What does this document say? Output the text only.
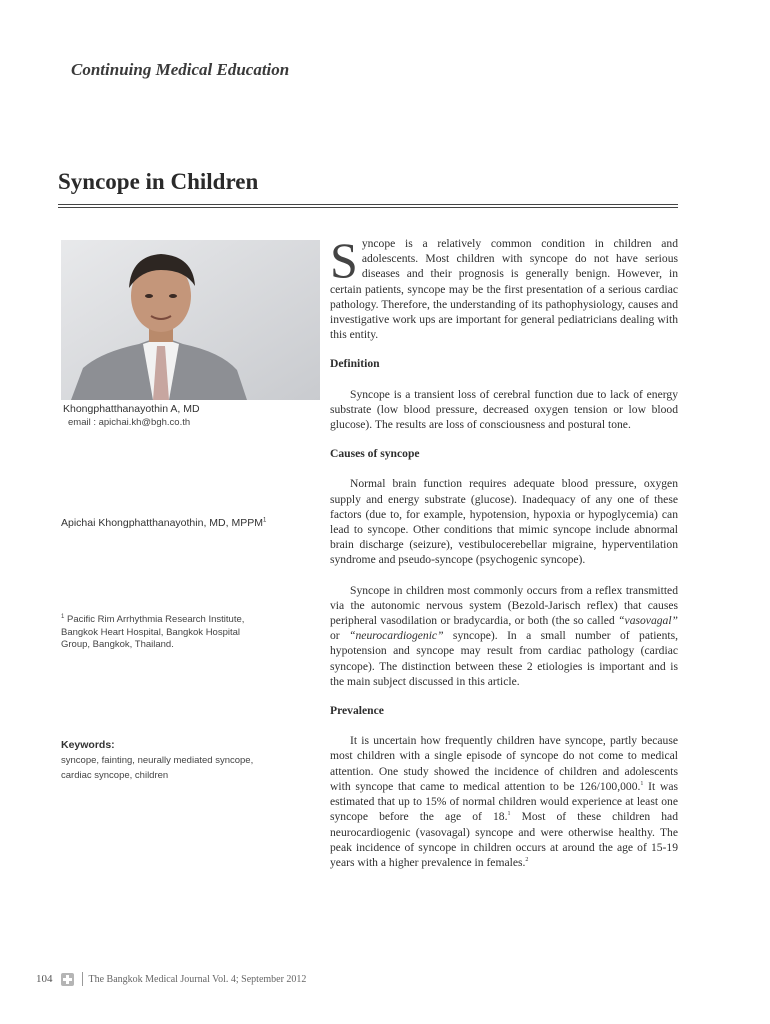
Continuing Medical Education
Syncope in Children
Khongphatthanayothin A, MD
email : apichai.kh@bgh.co.th
Apichai Khongphatthanayothin, MD, MPPM$^1$
$^1$ Pacific Rim Arrhythmia Research Institute, Bangkok Heart Hospital, Bangkok Hospital Group, Bangkok, Thailand.
Keywords:
syncope, fainting, neurally mediated syncope, cardiac syncope, children

Syncope is a relatively common condition in children and adolescents. Most children with syncope do not have serious diseases and their prognosis is generally benign. However, in certain patients, syncope may be the first presentation of a serious cardiac pathology. Therefore, the understanding of its pathophysiology, causes and investigative work ups are important for general pediatricians dealing with this entity.

Definition

Syncope is a transient loss of cerebral function due to lack of energy substrate (low blood pressure, decreased oxygen tension or low blood glucose). The results are loss of consciousness and postural tone.

Causes of syncope

Normal brain function requires adequate blood pressure, oxygen supply and energy substrate (glucose). Inadequacy of any one of these factors (due to, for example, hypotension, hypoxia or hypoglycemia) can lead to syncope. Other conditions that mimic syncope include abnormal brain discharge (seizure), vestibulocerebellar migraine, hyperventilation syndrome and pseudo-syncope (psychogenic syncope).

Syncope in children most commonly occurs from a reflex transmitted via the autonomic nervous system (Bezold-Jarisch reflex) that causes peripheral vasodilation or bradycardia, or both (the so called “vasovagal” or “neurocardiogenic” syncope). In a small number of patients, hypotension and syncope may result from cardiac pathology (cardiac syncope). The distinction between these 2 etiologies is important and is the main subject discussed in this article.

Prevalence

It is uncertain how frequently children have syncope, partly because most children with a single episode of syncope do not come to medical attention. One study showed the incidence of children and adolescents with syncope that came to medical attention to be 126/100,000.$^1$ It was estimated that up to 15% of normal children would experience at least one syncope before the age of 18.$^1$ Most of these children had neurocardiogenic (vasovagal) syncope and were otherwise healthy. The peak incidence of syncope in children occurs at around the age of 15-19 years with a higher prevalence in females.$^2$

104	The Bangkok Medical Journal Vol. 4; September 2012
